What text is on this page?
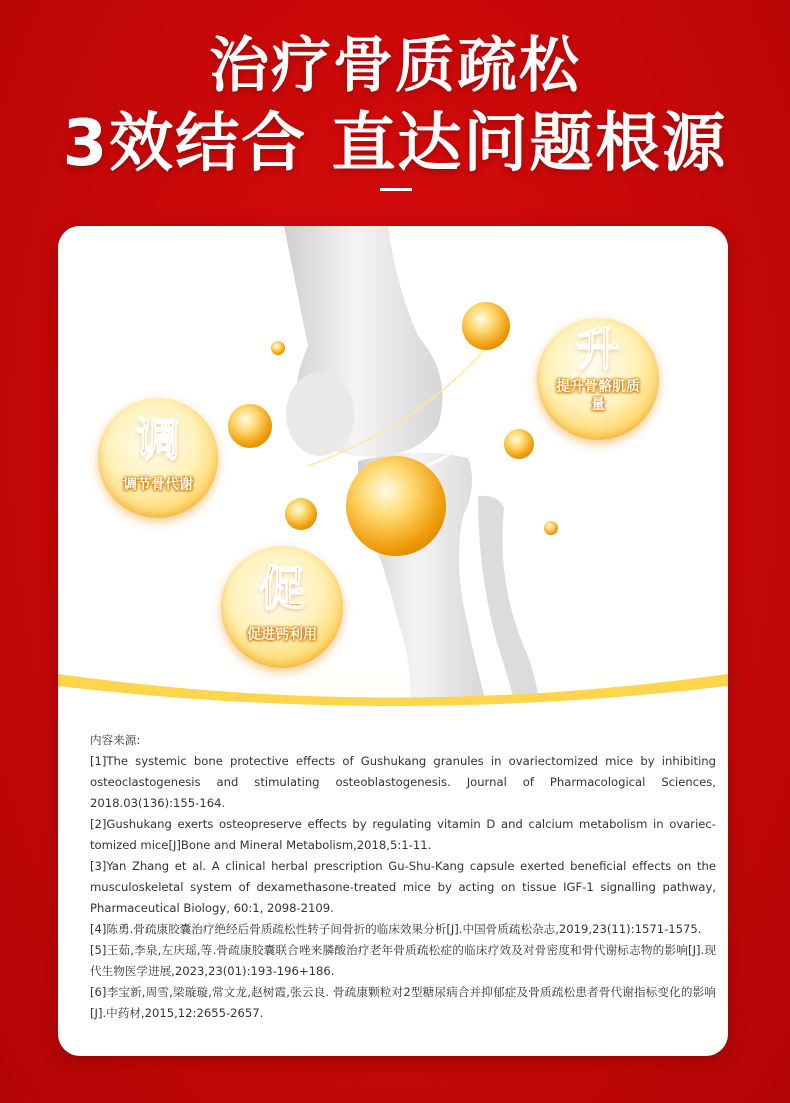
治疗骨质疏松
3效结合 直达问题根源
调
调节骨代谢
促
促进钙利用
升
提升骨骼肌质量

内容来源:

[1]The systemic bone protective effects of Gushukang granules in ovariectomized mice by inhibiting osteoclastogenesis and stimulating osteoblastogenesis. Journal of Pharmacological Sciences, 2018.03(136):155-164.

[2]Gushukang exerts osteopreserve effects by regulating vitamin D and calcium metabolism in ovariec-tomized mice[J]Bone and Mineral Metabolism,2018,5:1-11.

[3]Yan Zhang et al. A clinical herbal prescription Gu-Shu-Kang capsule exerted beneficial effects on the musculoskeletal system of dexamethasone-treated mice by acting on tissue IGF-1 signalling pathway, Pharmaceutical Biology, 60:1, 2098-2109.

[4]陈勇.骨疏康胶囊治疗绝经后骨质疏松性转子间骨折的临床效果分析[J].中国骨质疏松杂志,2019,23(11):1571-1575.

[5]王茹,李泉,左庆瑶,等.骨疏康胶囊联合唑来膦酸治疗老年骨质疏松症的临床疗效及对骨密度和骨代谢标志物的影响[J].现代生物医学进展,2023,23(01):193-196+186.

[6]李宝新,周雪,梁璇璇,常文龙,赵树霞,张云良. 骨疏康颗粒对2型糖尿病合并抑郁症及骨质疏松患者骨代谢指标变化的影响[J].中药材,2015,12:2655-2657.
